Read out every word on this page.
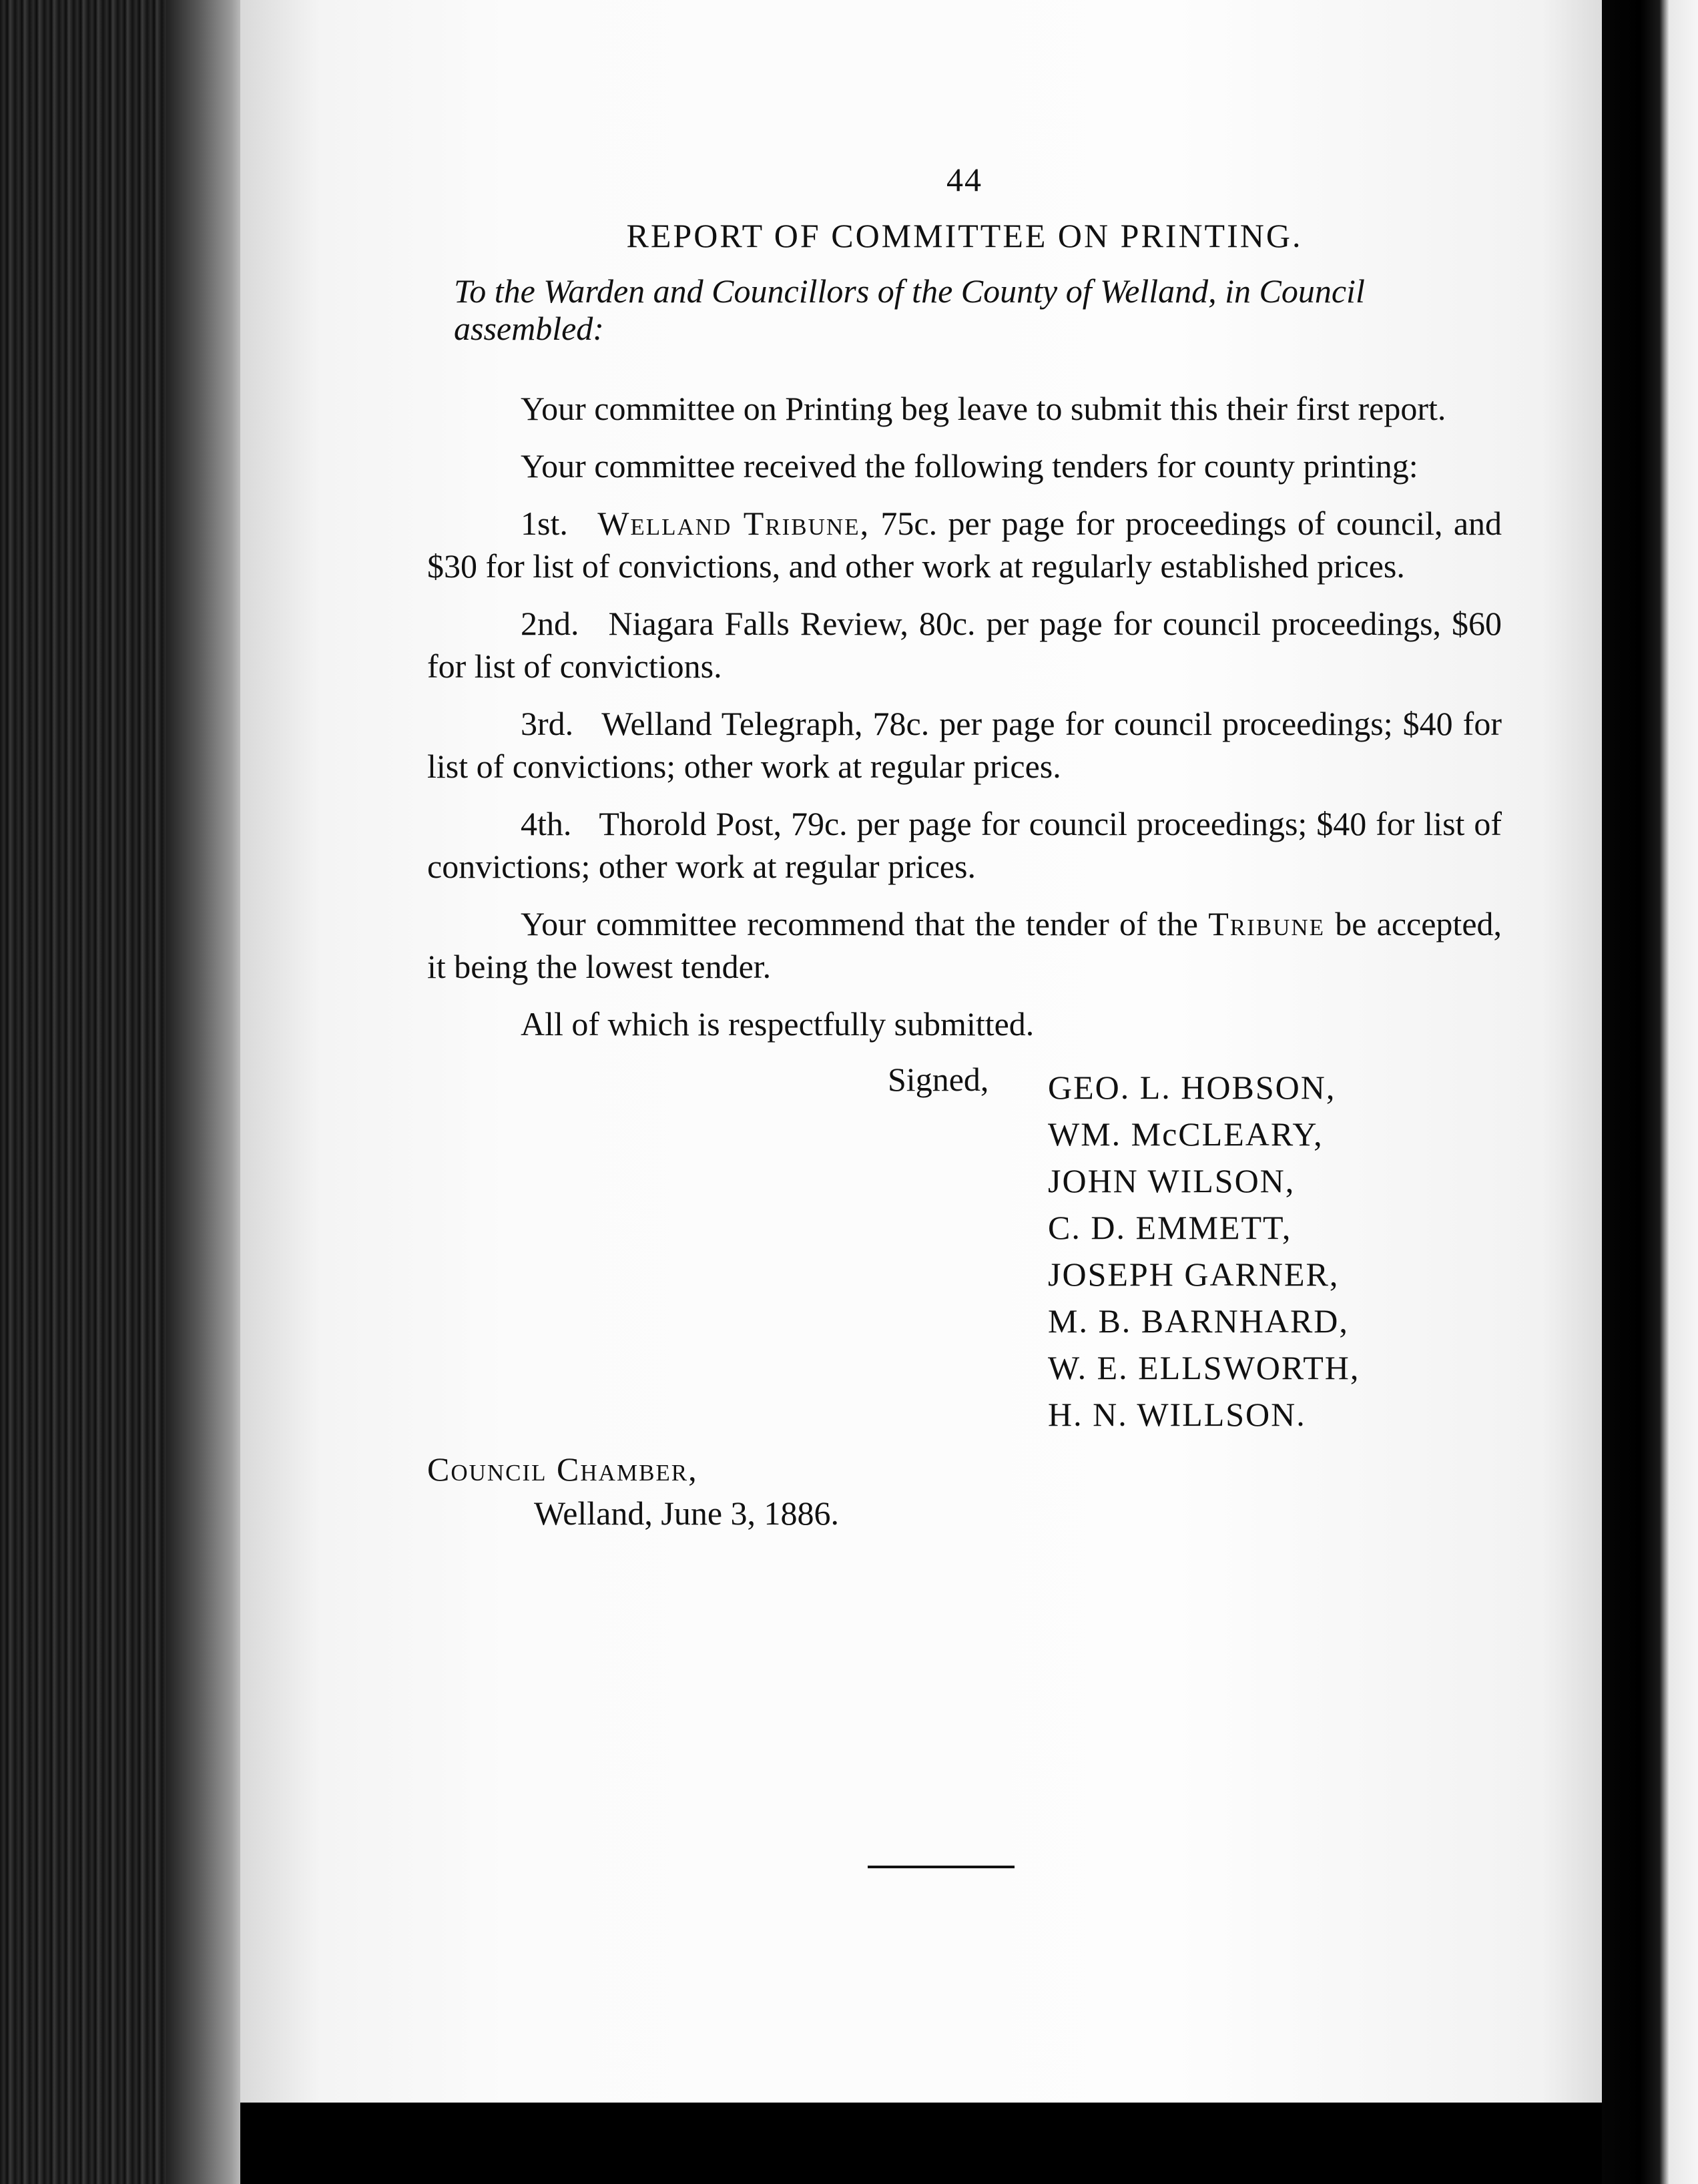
44
REPORT OF COMMITTEE ON PRINTING.
To the Warden and Councillors of the County of Welland, in Council assembled:

Your committee on Printing beg leave to submit this their first report.

Your committee received the following tenders for county printing:

1st. Welland Tribune, 75c. per page for proceedings of council, and $30 for list of convictions, and other work at regularly established prices.

2nd. Niagara Falls Review, 80c. per page for council proceedings, $60 for list of convictions.

3rd. Welland Telegraph, 78c. per page for council proceedings; $40 for list of convictions; other work at regular prices.

4th. Thorold Post, 79c. per page for council proceedings; $40 for list of convictions; other work at regular prices.

Your committee recommend that the tender of the Tribune be accepted, it being the lowest tender.

All of which is respectfully submitted.

Signed, GEO. L. HOBSON,
WM. McCLEARY,
JOHN WILSON,
C. D. EMMETT,
JOSEPH GARNER,
M. B. BARNHARD,
W. E. ELLSWORTH,
H. N. WILLSON.
Council Chamber,
Welland, June 3, 1886.
